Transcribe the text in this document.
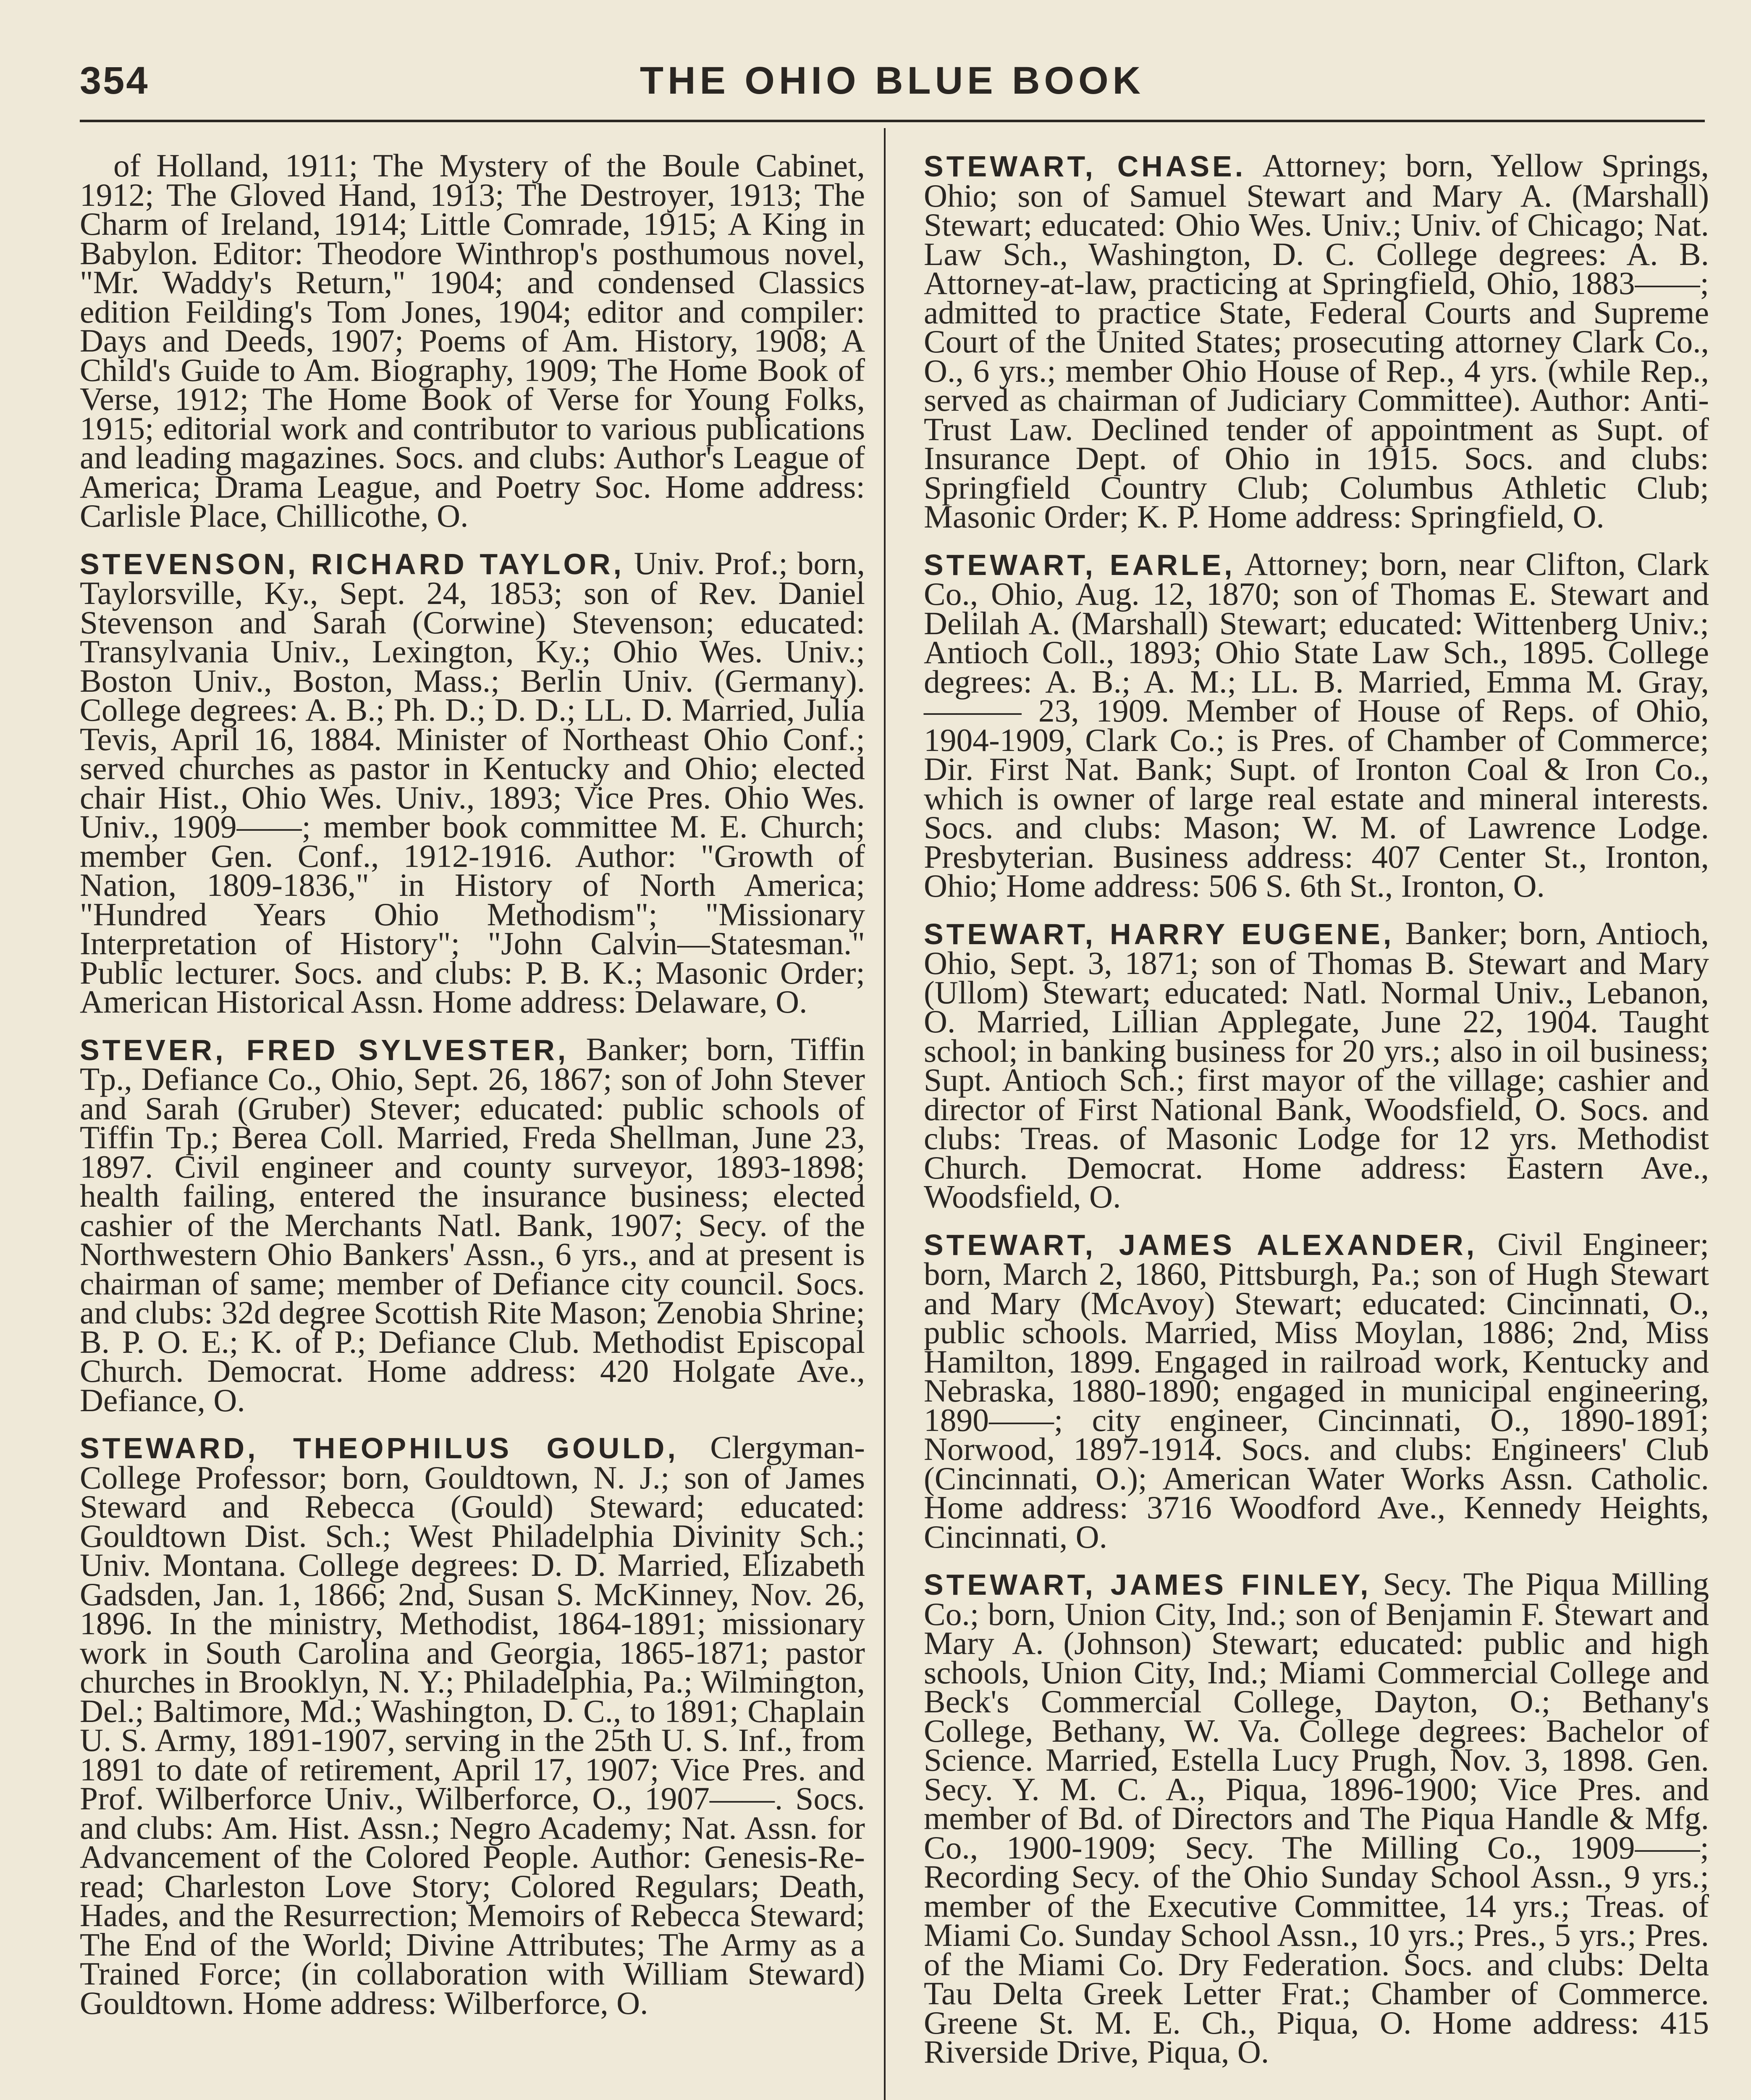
354	THE OHIO BLUE BOOK

of Holland, 1911; The Mystery of the Boule Cabinet, 1912; The Gloved Hand, 1913; The Destroyer, 1913; The Charm of Ireland, 1914; Little Comrade, 1915; A King in Babylon. Editor: Theodore Winthrop's posthumous novel, "Mr. Waddy's Return," 1904; and condensed Classics edition Feilding's Tom Jones, 1904; editor and compiler: Days and Deeds, 1907; Poems of Am. History, 1908; A Child's Guide to Am. Biography, 1909; The Home Book of Verse, 1912; The Home Book of Verse for Young Folks, 1915; editorial work and contributor to various publications and leading magazines. Socs. and clubs: Author's League of America; Drama League, and Poetry Soc. Home address: Carlisle Place, Chillicothe, O.

STEVENSON, RICHARD TAYLOR, Univ. Prof.; born, Taylorsville, Ky., Sept. 24, 1853; son of Rev. Daniel Stevenson and Sarah (Corwine) Stevenson; educated: Transylvania Univ., Lexington, Ky.; Ohio Wes. Univ.; Boston Univ., Boston, Mass.; Berlin Univ. (Germany). College degrees: A. B.; Ph. D.; D. D.; LL. D. Married, Julia Tevis, April 16, 1884. Minister of Northeast Ohio Conf.; served churches as pastor in Kentucky and Ohio; elected chair Hist., Ohio Wes. Univ., 1893; Vice Pres. Ohio Wes. Univ., 1909——; member book committee M. E. Church; member Gen. Conf., 1912-1916. Author: "Growth of Nation, 1809-1836," in History of North America; "Hundred Years Ohio Methodism"; "Missionary Interpretation of History"; "John Calvin—Statesman." Public lecturer. Socs. and clubs: P. B. K.; Masonic Order; American Historical Assn. Home address: Delaware, O.

STEVER, FRED SYLVESTER, Banker; born, Tiffin Tp., Defiance Co., Ohio, Sept. 26, 1867; son of John Stever and Sarah (Gruber) Stever; educated: public schools of Tiffin Tp.; Berea Coll. Married, Freda Shellman, June 23, 1897. Civil engineer and county surveyor, 1893-1898; health failing, entered the insurance business; elected cashier of the Merchants Natl. Bank, 1907; Secy. of the Northwestern Ohio Bankers' Assn., 6 yrs., and at present is chairman of same; member of Defiance city council. Socs. and clubs: 32d degree Scottish Rite Mason; Zenobia Shrine; B. P. O. E.; K. of P.; Defiance Club. Methodist Episcopal Church. Democrat. Home address: 420 Holgate Ave., Defiance, O.

STEWARD, THEOPHILUS GOULD, Clergyman-College Professor; born, Gouldtown, N. J.; son of James Steward and Rebecca (Gould) Steward; educated: Gouldtown Dist. Sch.; West Philadelphia Divinity Sch.; Univ. Montana. College degrees: D. D. Married, Elizabeth Gadsden, Jan. 1, 1866; 2nd, Susan S. McKinney, Nov. 26, 1896. In the ministry, Methodist, 1864-1891; missionary work in South Carolina and Georgia, 1865-1871; pastor churches in Brooklyn, N. Y.; Philadelphia, Pa.; Wilmington, Del.; Baltimore, Md.; Washington, D. C., to 1891; Chaplain U. S. Army, 1891-1907, serving in the 25th U. S. Inf., from 1891 to date of retirement, April 17, 1907; Vice Pres. and Prof. Wilberforce Univ., Wilberforce, O., 1907——. Socs. and clubs: Am. Hist. Assn.; Negro Academy; Nat. Assn. for Advancement of the Colored People. Author: Genesis-Re-read; Charleston Love Story; Colored Regulars; Death, Hades, and the Resurrection; Memoirs of Rebecca Steward; The End of the World; Divine Attributes; The Army as a Trained Force; (in collaboration with William Steward) Gouldtown. Home address: Wilberforce, O.

STEWART, CHASE. Attorney; born, Yellow Springs, Ohio; son of Samuel Stewart and Mary A. (Marshall) Stewart; educated: Ohio Wes. Univ.; Univ. of Chicago; Nat. Law Sch., Washington, D. C. College degrees: A. B. Attorney-at-law, practicing at Springfield, Ohio, 1883——; admitted to practice State, Federal Courts and Supreme Court of the United States; prosecuting attorney Clark Co., O., 6 yrs.; member Ohio House of Rep., 4 yrs. (while Rep., served as chairman of Judiciary Committee). Author: Anti-Trust Law. Declined tender of appointment as Supt. of Insurance Dept. of Ohio in 1915. Socs. and clubs: Springfield Country Club; Columbus Athletic Club; Masonic Order; K. P. Home address: Springfield, O.

STEWART, EARLE, Attorney; born, near Clifton, Clark Co., Ohio, Aug. 12, 1870; son of Thomas E. Stewart and Delilah A. (Marshall) Stewart; educated: Wittenberg Univ.; Antioch Coll., 1893; Ohio State Law Sch., 1895. College degrees: A. B.; A. M.; LL. B. Married, Emma M. Gray, ——— 23, 1909. Member of House of Reps. of Ohio, 1904-1909, Clark Co.; is Pres. of Chamber of Commerce; Dir. First Nat. Bank; Supt. of Ironton Coal & Iron Co., which is owner of large real estate and mineral interests. Socs. and clubs: Mason; W. M. of Lawrence Lodge. Presbyterian. Business address: 407 Center St., Ironton, Ohio; Home address: 506 S. 6th St., Ironton, O.

STEWART, HARRY EUGENE, Banker; born, Antioch, Ohio, Sept. 3, 1871; son of Thomas B. Stewart and Mary (Ullom) Stewart; educated: Natl. Normal Univ., Lebanon, O. Married, Lillian Applegate, June 22, 1904. Taught school; in banking business for 20 yrs.; also in oil business; Supt. Antioch Sch.; first mayor of the village; cashier and director of First National Bank, Woodsfield, O. Socs. and clubs: Treas. of Masonic Lodge for 12 yrs. Methodist Church. Democrat. Home address: Eastern Ave., Woodsfield, O.

STEWART, JAMES ALEXANDER, Civil Engineer; born, March 2, 1860, Pittsburgh, Pa.; son of Hugh Stewart and Mary (McAvoy) Stewart; educated: Cincinnati, O., public schools. Married, Miss Moylan, 1886; 2nd, Miss Hamilton, 1899. Engaged in railroad work, Kentucky and Nebraska, 1880-1890; engaged in municipal engineering, 1890——; city engineer, Cincinnati, O., 1890-1891; Norwood, 1897-1914. Socs. and clubs: Engineers' Club (Cincinnati, O.); American Water Works Assn. Catholic. Home address: 3716 Woodford Ave., Kennedy Heights, Cincinnati, O.

STEWART, JAMES FINLEY, Secy. The Piqua Milling Co.; born, Union City, Ind.; son of Benjamin F. Stewart and Mary A. (Johnson) Stewart; educated: public and high schools, Union City, Ind.; Miami Commercial College and Beck's Commercial College, Dayton, O.; Bethany's College, Bethany, W. Va. College degrees: Bachelor of Science. Married, Estella Lucy Prugh, Nov. 3, 1898. Gen. Secy. Y. M. C. A., Piqua, 1896-1900; Vice Pres. and member of Bd. of Directors and The Piqua Handle & Mfg. Co., 1900-1909; Secy. The Milling Co., 1909——; Recording Secy. of the Ohio Sunday School Assn., 9 yrs.; member of the Executive Committee, 14 yrs.; Treas. of Miami Co. Sunday School Assn., 10 yrs.; Pres., 5 yrs.; Pres. of the Miami Co. Dry Federation. Socs. and clubs: Delta Tau Delta Greek Letter Frat.; Chamber of Commerce. Greene St. M. E. Ch., Piqua, O. Home address: 415 Riverside Drive, Piqua, O.
